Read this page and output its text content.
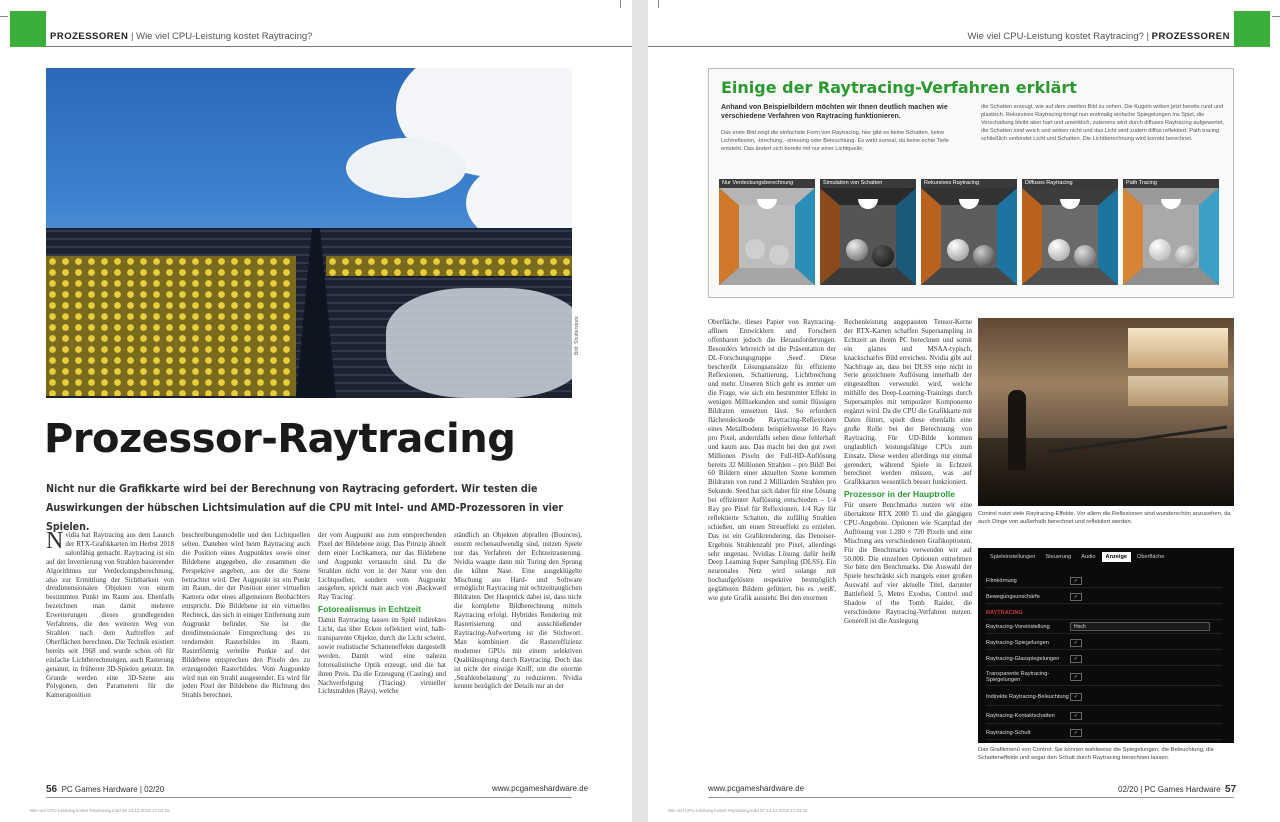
PROZESSOREN | Wie viel CPU-Leistung kostet Raytracing?
Bild: Shutterstock
Prozessor-Raytracing
Nicht nur die Grafikkarte wird bei der Berechnung von Raytracing gefordert. Wir testen die Auswirkungen der hübschen Lichtsimulation auf die CPU mit Intel- und AMD-Prozessoren in vier Spielen.
Nvidia hat Raytracing aus dem Launch der RTX-Grafikkarten im Herbst 2018 salonfähig gemacht. Raytracing ist ein auf der Invertierung von Strahlen basierender Algorithmus zur Verdeckungsberechnung, also zur Ermittlung der Sichtbarkeit von dreidimensionalen Objekten von einem bestimmten Punkt im Raum aus. Ebenfalls bezeichnen man damit mehrere Erweiterungen dieses grundlegenden Verfahrens, die den weiteren Weg von Strahlen nach dem Auftreffen auf Oberflächen berechnen. Die Technik existiert bereits seit 1968 und wurde schon oft für einfache Lichtberechnungen, auch Rasterung genannt, in früheren 3D-Spielen genutzt. Im Grunde werden eine 3D-Szene aus Polygonen, den Parametern für die Kameraposition
beschreibungsmodelle und den Lichtquellen selten. Daneben wird beim Raytracing auch die Position eines Augpunktes sowie einer Bildebene angegeben, die zusammen die Perspektive angeben, aus der die Szene betrachtet wird. Der Augpunkt ist ein Punkt im Raum, der der Position einer virtuellen Kamera oder eines allgemeinen Beobachters entspricht. Die Bildebene ist ein virtuelles Rechteck, das sich in einiger Entfernung zum Augpunkt befindet. Sie ist die dreidimensionale Entsprechung des zu rendernden Rasterbildes im Raum. Rasterförmig verteilte Punkte auf der Bildebene entsprechen den Pixeln des zu erzeugenden Rasterbildes. Vom Augpunkte wird nun ein Strahl ausgesendet. Es wird für jeden Pixel der Bildebene die Richtung des Strahls berechnet,
der vom Augpunkt aus zum entsprechenden Pixel der Bildebene zeigt. Das Prinzip ähnelt dem einer Lochkamera, nur das Bildebene und Augpunkt vertauscht sind. Da die Strahlen nicht von in der Natur von den Lichtquellen, sondern vom Augpunkt ausgehen, spricht man auch von ‚Backward Ray Tracing'.
Fotorealismus in Echtzeit
Damit Raytracing lassen im Spiel indirektes Licht, das über Ecken reflektiert wird, halb-transparente Objekte, durch die Licht scheint, sowie realistische Schatteneffekte dargestellt werden. Damit wird eine nahezu fotorealistische Optik erzeugt, und die hat ihren Preis. Da die Erzeugung (Casting) und Nachverfolgung (Tracing) virtueller Lichtstrahlen (Rays), welche
ständlich an Objekten abprallen (Bounces), enorm rechenaufwendig sind, nutzen Spiele nur das Verfahren der Echtzeitrasterung. Nvidia waagte dann mit Turing den Sprung die kühne Nase. Eine ausgeklügelte Mischung aus Hard- und Software ermöglicht Raytracing mit echtzeittauglichen Bildraten. Der Hauptrick dabei ist, dass nicht die komplette Bildberechnung mittels Raytracing erfolgt. Hybrides Rendering mit Rasterisierung und ausschließender Raytracing-Aufwertung ist die Stichwort. Man kombiniert die Rastereffizienz moderner GPUs mit einem selektiven Qualitätssprung durch Raytracing. Doch das ist nicht der einzige Kniff, um die enorme ‚Strahlenbelastung' zu reduzieren. Nvidia kennte bezüglich der Details nur an der
56 PC Games Hardware | 02/20	www.pcgameshardware.de
Wie viel CPU-Leistung kostet Raytracing.indd 56 14.12.2019 17:03:18
Wie viel CPU-Leistung kostet Raytracing? | PROZESSOREN
Einige der Raytracing-Verfahren erklärt
Anhand von Beispielbildern möchten wir Ihnen deutlich machen wie verschiedene Verfahren von Raytracing funktionieren.
Das erste Bild zeigt die einfachste Form von Raytracing, hier gibt es keine Schatten, keine Lichtreflexion, -brechung, -streuung oder Beleuchtung. Es wirkt surreal, da keine echte Tiefe entsteht. Das ändert sich bereits mit nur einer Lichtquelle;
die Schatten erzeugt, wie auf dem zweiten Bild zu sehen. Die Kugeln wirken jetzt bereits rund und plastisch. Rekursives Raytracing bringt nun erstmalig einfache Spiegelungen ins Spiel, die Verschattung bleibt aber hart und unwirklich, zutenens wird durch diffuses Raytracing aufgewertet, die Schatten sind weich und wirken nicht und das Licht wird zudem diffus reflektiert. Path tracing schließlich verbindet Licht und Schatten. Die Lichtberechnung wird korrekt berechnet.
Nur Verdeckungsberechnung	Simulation von Schatten	Rekursives Raytracing	Diffuses Raytracing	Path Tracing
Oberfläche, dieses Papier von Raytracing-affinen Entwicklern und Forschern offenbaren jedoch die Herausforderungen. Besonders lehrreich ist die Präsentation der DL-Forschungsgruppe ‚Seed'. Diese beschreibt Lösungsansätze für effiziente Reflexionen, Schattierung, Lichtbrechung und mehr. Unseren Stich geht es immer um die Frage, wie sich ein bestimmter Effekt in wenigen Millisekunden und somit flüssigen Bildraten umsetzen lässt. So erfordern flächendeckende Raytracing-Reflexionen eines Metallbodens beispielsweise 16 Rays pro Pixel, andernfalls sehen diese fehlerhaft und kaum aus. Das macht bei den gut zwei Millionen Pixeln der Full-HD-Auflösung bereits 32 Millionen Strahlen – pro Bild! Bei 60 Bildern einer aktuellen Szene kommen Bildraten von rund 2 Milliarden Strahlen pro Sekunde. Seed hat sich daher für eine Lösung bei effizienter Auflösung entschieden – 1/4 Ray pro Pixel für Reflexionen, 1/4 Ray für reflektierte Schatten, die zufällig Strahlen schießen, um einen Streueffekt zu erzielen. Das ist ein Grafikrendering, das Denoiser-Ergebnis Strahlenzahl pro Pixel, allerdings sehr ungenau. Nvidias Lösung dafür heißt Deep Learning Super Sampling (DLSS). Ein neuronales Netz wird solange mit hochaufgelösten respektive bestmöglich geglätteten Bildern gefüttert, bis es ‚weiß', wie gute Grafik aussieht. Bei den enormen
Rechenleistung angepassten Tensor-Kerne der RTX-Karten schaffen Supersampling in Echtzeit an ihrem PC berechnen und somit ein glattes und MSAA-typisch, knackscharfes Bild erreichen. Nvidia gibt auf Nachfrage an, dass bei DLSS eine nicht in Serie gezeichnete Auflösung innerhalb der eingestellten verwendet wird, welche mithilfe des Deep-Learning-Trainings durch Supersamples mit temporärer Komponente ergänzt wird. Da die CPU die Grafikkarte mit Daten füttert, spielt diese ebenfalls eine große Rolle bei der Berechnung von Raytracing. Für UD-Bilde kommen unglaublich leistungsfähige CPUs zum Einsatz. Diese werden allerdings nur einmal gerendert, während Spiele in Echtzeit berechnet werden müssen, was auf Grafikkarten wesentlich besser funktioniert.
Prozessor in der Hauptrolle
Für unsere Benchmarks nutzen wir eine übertaktete RTX 2080 Ti und die gängigen CPU-Angebote. Optionen wie Scanpfad der Auflösung von 1.280 × 720 Pixeln und eine Mischung aus verschiedenen Grafikoptionen. Für die Benchmarks verwenden wir auf 50.000. Die einzelnen Optionen entnehmen Sie bitte den Benchmarks. Die Auswahl der Spiele beschränkt sich mangels einer großen Auswahl auf vier aktuelle Titel, darunter Battlefield 5, Metro Exodus, Control und Shadow of the Tomb Raider, die verschiedene Raytracing-Verfahren nutzen. Generell ist die Auslegung
Control nutzt viele Raytracing-Effekte. Vor allem die Reflexionen sind wunderschön anzusehen, da auch Dinge von außerhalb berechnet und reflektiert werden.
Spieleinstellungen	Steuerung	Audio	Anzeige	Oberfläche
Filmkörnung	✓
Bewegungsunschärfe	✓
RAYTRACING
Raytracing-Voreinstellung	Hoch
Raytracing-Spiegelungen	✓
Raytracing-Glasspiegelungen	✓
Transparente Raytracing-Spiegelungen	✓
Indirekte Raytracing-Beleuchtung	✓
Raytracing-Kontaktschatten	✓
Raytracing-Schutt	✓
Das Grafikmenü von Control: Sie können wahlweise die Spiegelungen, die Beleuchtung, die Schatteneffekte und sogar den Schutt durch Raytracing berechnen lassen.
www.pcgameshardware.de	02/20 | PC Games Hardware 57
Wie viel CPU-Leistung kostet Raytracing.indd 57 14.12.2019 17:03:18
